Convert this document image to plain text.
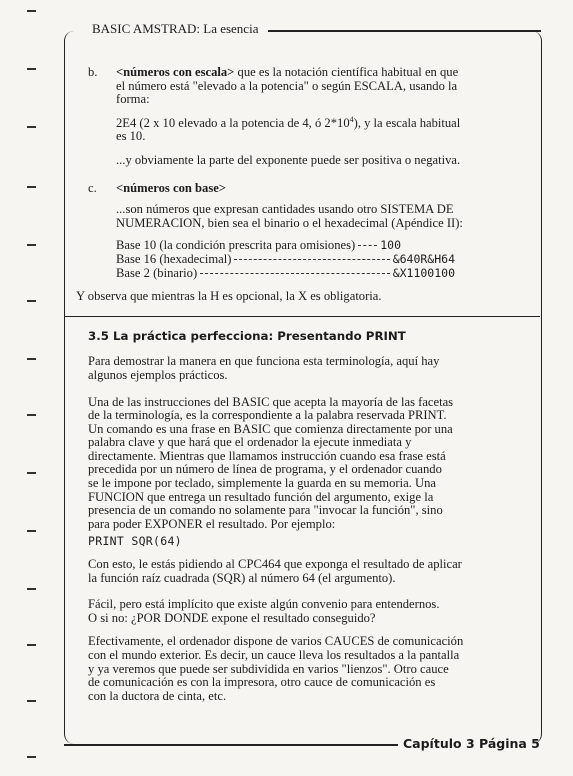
BASIC AMSTRAD: La esencia
Capítulo 3 Página 5

b. <números con escala> que es la notación científica habitual en que

el número está "elevado a la potencia" o según ESCALA, usando la

forma:

2E4 (2 x 10 elevado a la potencia de 4, ó $2*10^4$), y la escala habitual

es 10.

...y obviamente la parte del exponente puede ser positiva o negativa.

c. <números con base>

...son números que expresan cantidades usando otro SISTEMA DE

NUMERACION, bien sea el binario o el hexadecimal (Apéndice II):

Base 10 (la condición prescrita para omisiones) 100
Base 16 (hexadecimal)	&640R&H64
Base 2 (binario)	&X1100100

Y observa que mientras la H es opcional, la X es obligatoria.

3.5 La práctica perfecciona: Presentando PRINT

Para demostrar la manera en que funciona esta terminología, aquí hay

algunos ejemplos prácticos.

Una de las instrucciones del BASIC que acepta la mayoría de las facetas

de la terminología, es la correspondiente a la palabra reservada PRINT.

Un comando es una frase en BASIC que comienza directamente por una

palabra clave y que hará que el ordenador la ejecute inmediata y

directamente. Mientras que llamamos instrucción cuando esa frase está

precedida por un número de línea de programa, y el ordenador cuando

se le impone por teclado, simplemente la guarda en su memoria. Una

FUNCION que entrega un resultado función del argumento, exige la

presencia de un comando no solamente para "invocar la función", sino

para poder EXPONER el resultado. Por ejemplo:

PRINT SQR(64)

Con esto, le estás pidiendo al CPC464 que exponga el resultado de aplicar

la función raíz cuadrada (SQR) al número 64 (el argumento).

Fácil, pero está implícito que existe algún convenio para entendernos.

O si no: ¿POR DONDE expone el resultado conseguido?

Efectivamente, el ordenador dispone de varios CAUCES de comunicación

con el mundo exterior. Es decir, un cauce lleva los resultados a la pantalla

y ya veremos que puede ser subdividida en varios "lienzos". Otro cauce

de comunicación es con la impresora, otro cauce de comunicación es

con la ductora de cinta, etc.
